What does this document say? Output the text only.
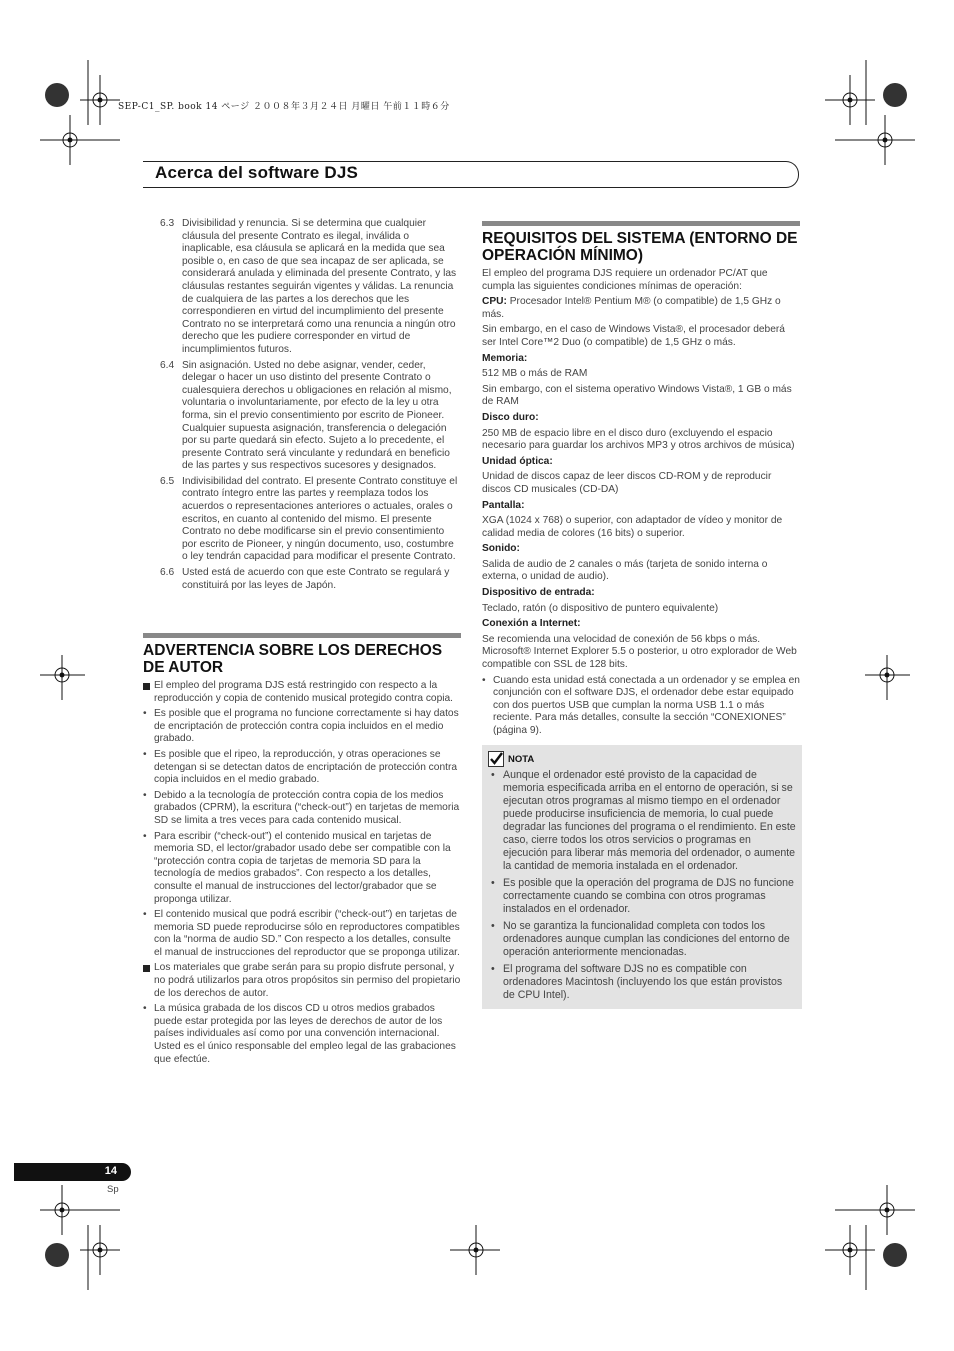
SEP-C1_SP. book 14 ページ ２００８年３月２４日 月曜日 午前１１時６分
Acerca del software DJS
6.3 Divisibilidad y renuncia. Si se determina que cualquier cláusula del presente Contrato es ilegal, inválida o inaplicable, esa cláusula se aplicará en la medida que sea posible o, en caso de que sea incapaz de ser aplicada, se considerará anulada y eliminada del presente Contrato, y las cláusulas restantes seguirán vigentes y válidas. La renuncia de cualquiera de las partes a los derechos que les correspondieren en virtud del incumplimiento del presente Contrato no se interpretará como una renuncia a ningún otro derecho que les pudiere corresponder en virtud de incumplimientos futuros.
6.4 Sin asignación. Usted no debe asignar, vender, ceder, delegar o hacer un uso distinto del presente Contrato o cualesquiera derechos u obligaciones en relación al mismo, voluntaria o involuntariamente, por efecto de la ley u otra forma, sin el previo consentimiento por escrito de Pioneer. Cualquier supuesta asignación, transferencia o delegación por su parte quedará sin efecto. Sujeto a lo precedente, el presente Contrato será vinculante y redundará en beneficio de las partes y sus respectivos sucesores y designados.
6.5 Indivisibilidad del contrato. El presente Contrato constituye el contrato íntegro entre las partes y reemplaza todos los acuerdos o representaciones anteriores o actuales, orales o escritos, en cuanto al contenido del mismo. El presente Contrato no debe modificarse sin el previo consentimiento por escrito de Pioneer, y ningún documento, uso, costumbre o ley tendrán capacidad para modificar el presente Contrato.
6.6 Usted está de acuerdo con que este Contrato se regulará y constituirá por las leyes de Japón.
ADVERTENCIA SOBRE LOS DERECHOS DE AUTOR
El empleo del programa DJS está restringido con respecto a la reproducción y copia de contenido musical protegido contra copia.
• Es posible que el programa no funcione correctamente si hay datos de encriptación de protección contra copia incluidos en el medio grabado.
• Es posible que el ripeo, la reproducción, y otras operaciones se detengan si se detectan datos de encriptación de protección contra copia incluidos en el medio grabado.
• Debido a la tecnología de protección contra copia de los medios grabados (CPRM), la escritura (“check-out”) en tarjetas de memoria SD se limita a tres veces para cada contenido musical.
• Para escribir (“check-out”) el contenido musical en tarjetas de memoria SD, el lector/grabador usado debe ser compatible con la “protección contra copia de tarjetas de memoria SD para la tecnología de medios grabados”. Con respecto a los detalles, consulte el manual de instrucciones del lector/grabador que se proponga utilizar.
• El contenido musical que podrá escribir (“check-out”) en tarjetas de memoria SD puede reproducirse sólo en reproductores compatibles con la “norma de audio SD.” Con respecto a los detalles, consulte el manual de instrucciones del reproductor que se proponga utilizar.
Los materiales que grabe serán para su propio disfrute personal, y no podrá utilizarlos para otros propósitos sin permiso del propietario de los derechos de autor.
• La música grabada de los discos CD u otros medios grabados puede estar protegida por las leyes de derechos de autor de los países individuales así como por una convención internacional. Usted es el único responsable del empleo legal de las grabaciones que efectúe.
REQUISITOS DEL SISTEMA (ENTORNO DE OPERACIÓN MÍNIMO)

El empleo del programa DJS requiere un ordenador PC/AT que cumpla las siguientes condiciones mínimas de operación:

CPU: Procesador Intel® Pentium M® (o compatible) de 1,5 GHz o más.

Sin embargo, en el caso de Windows Vista®, el procesador deberá ser Intel Core™2 Duo (o compatible) de 1,5 GHz o más.

Memoria:

512 MB o más de RAM

Sin embargo, con el sistema operativo Windows Vista®, 1 GB o más de RAM

Disco duro:

250 MB de espacio libre en el disco duro (excluyendo el espacio necesario para guardar los archivos MP3 y otros archivos de música)

Unidad óptica:

Unidad de discos capaz de leer discos CD-ROM y de reproducir discos CD musicales (CD-DA)

Pantalla:

XGA (1024 x 768) o superior, con adaptador de vídeo y monitor de calidad media de colores (16 bits) o superior.

Sonido:

Salida de audio de 2 canales o más (tarjeta de sonido interna o externa, o unidad de audio).

Dispositivo de entrada:

Teclado, ratón (o dispositivo de puntero equivalente)

Conexión a Internet:

Se recomienda una velocidad de conexión de 56 kbps o más. Microsoft® Internet Explorer 5.5 o posterior, u otro explorador de Web compatible con SSL de 128 bits.

• Cuando esta unidad está conectada a un ordenador y se emplea en conjunción con el software DJS, el ordenador debe estar equipado con dos puertos USB que cumplan la norma USB 1.1 o más reciente. Para más detalles, consulte la sección “CONEXIONES” (página 9).
NOTA
• Aunque el ordenador esté provisto de la capacidad de memoria especificada arriba en el entorno de operación, si se ejecutan otros programas al mismo tiempo en el ordenador puede producirse insuficiencia de memoria, lo cual puede degradar las funciones del programa o el rendimiento. En este caso, cierre todos los otros servicios o programas en ejecución para liberar más memoria del ordenador, o aumente la cantidad de memoria instalada en el ordenador.
• Es posible que la operación del programa de DJS no funcione correctamente cuando se combina con otros programas instalados en el ordenador.
• No se garantiza la funcionalidad completa con todos los ordenadores aunque cumplan las condiciones del entorno de operación anteriormente mencionadas.
• El programa del software DJS no es compatible con ordenadores Macintosh (incluyendo los que están provistos de CPU Intel).
14
Sp
